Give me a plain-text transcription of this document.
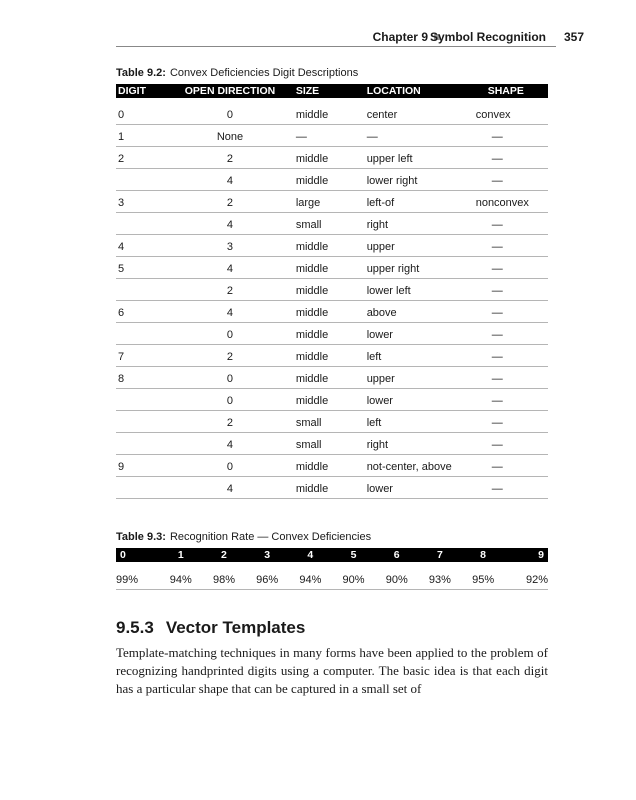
Chapter 9 Symbol Recognition 357
Table 9.2: Convex Deficiencies Digit Descriptions
DIGIT	OPEN DIRECTION	SIZE	LOCATION	SHAPE
0	0	middle	center	convex
1	None	—	—	—
2	2	middle	upper left	—
	4	middle	lower right	—
3	2	large	left-of	nonconvex
	4	small	right	—
4	3	middle	upper	—
5	4	middle	upper right	—
	2	middle	lower left	—
6	4	middle	above	—
	0	middle	lower	—
7	2	middle	left	—
8	0	middle	upper	—
	0	middle	lower	—
	2	small	left	—
	4	small	right	—
9	0	middle	not-center, above	—
	4	middle	lower	—
Table 9.3: Recognition Rate — Convex Deficiencies
0	1	2	3	4	5	6	7	8	9
99%	94%	98%	96%	94%	90%	90%	93%	95%	92%
9.5.3 Vector Templates

Template-matching techniques in many forms have been applied to the problem of recognizing handprinted digits using a computer. The basic idea is that each digit has a particular shape that can be captured in a small set of
